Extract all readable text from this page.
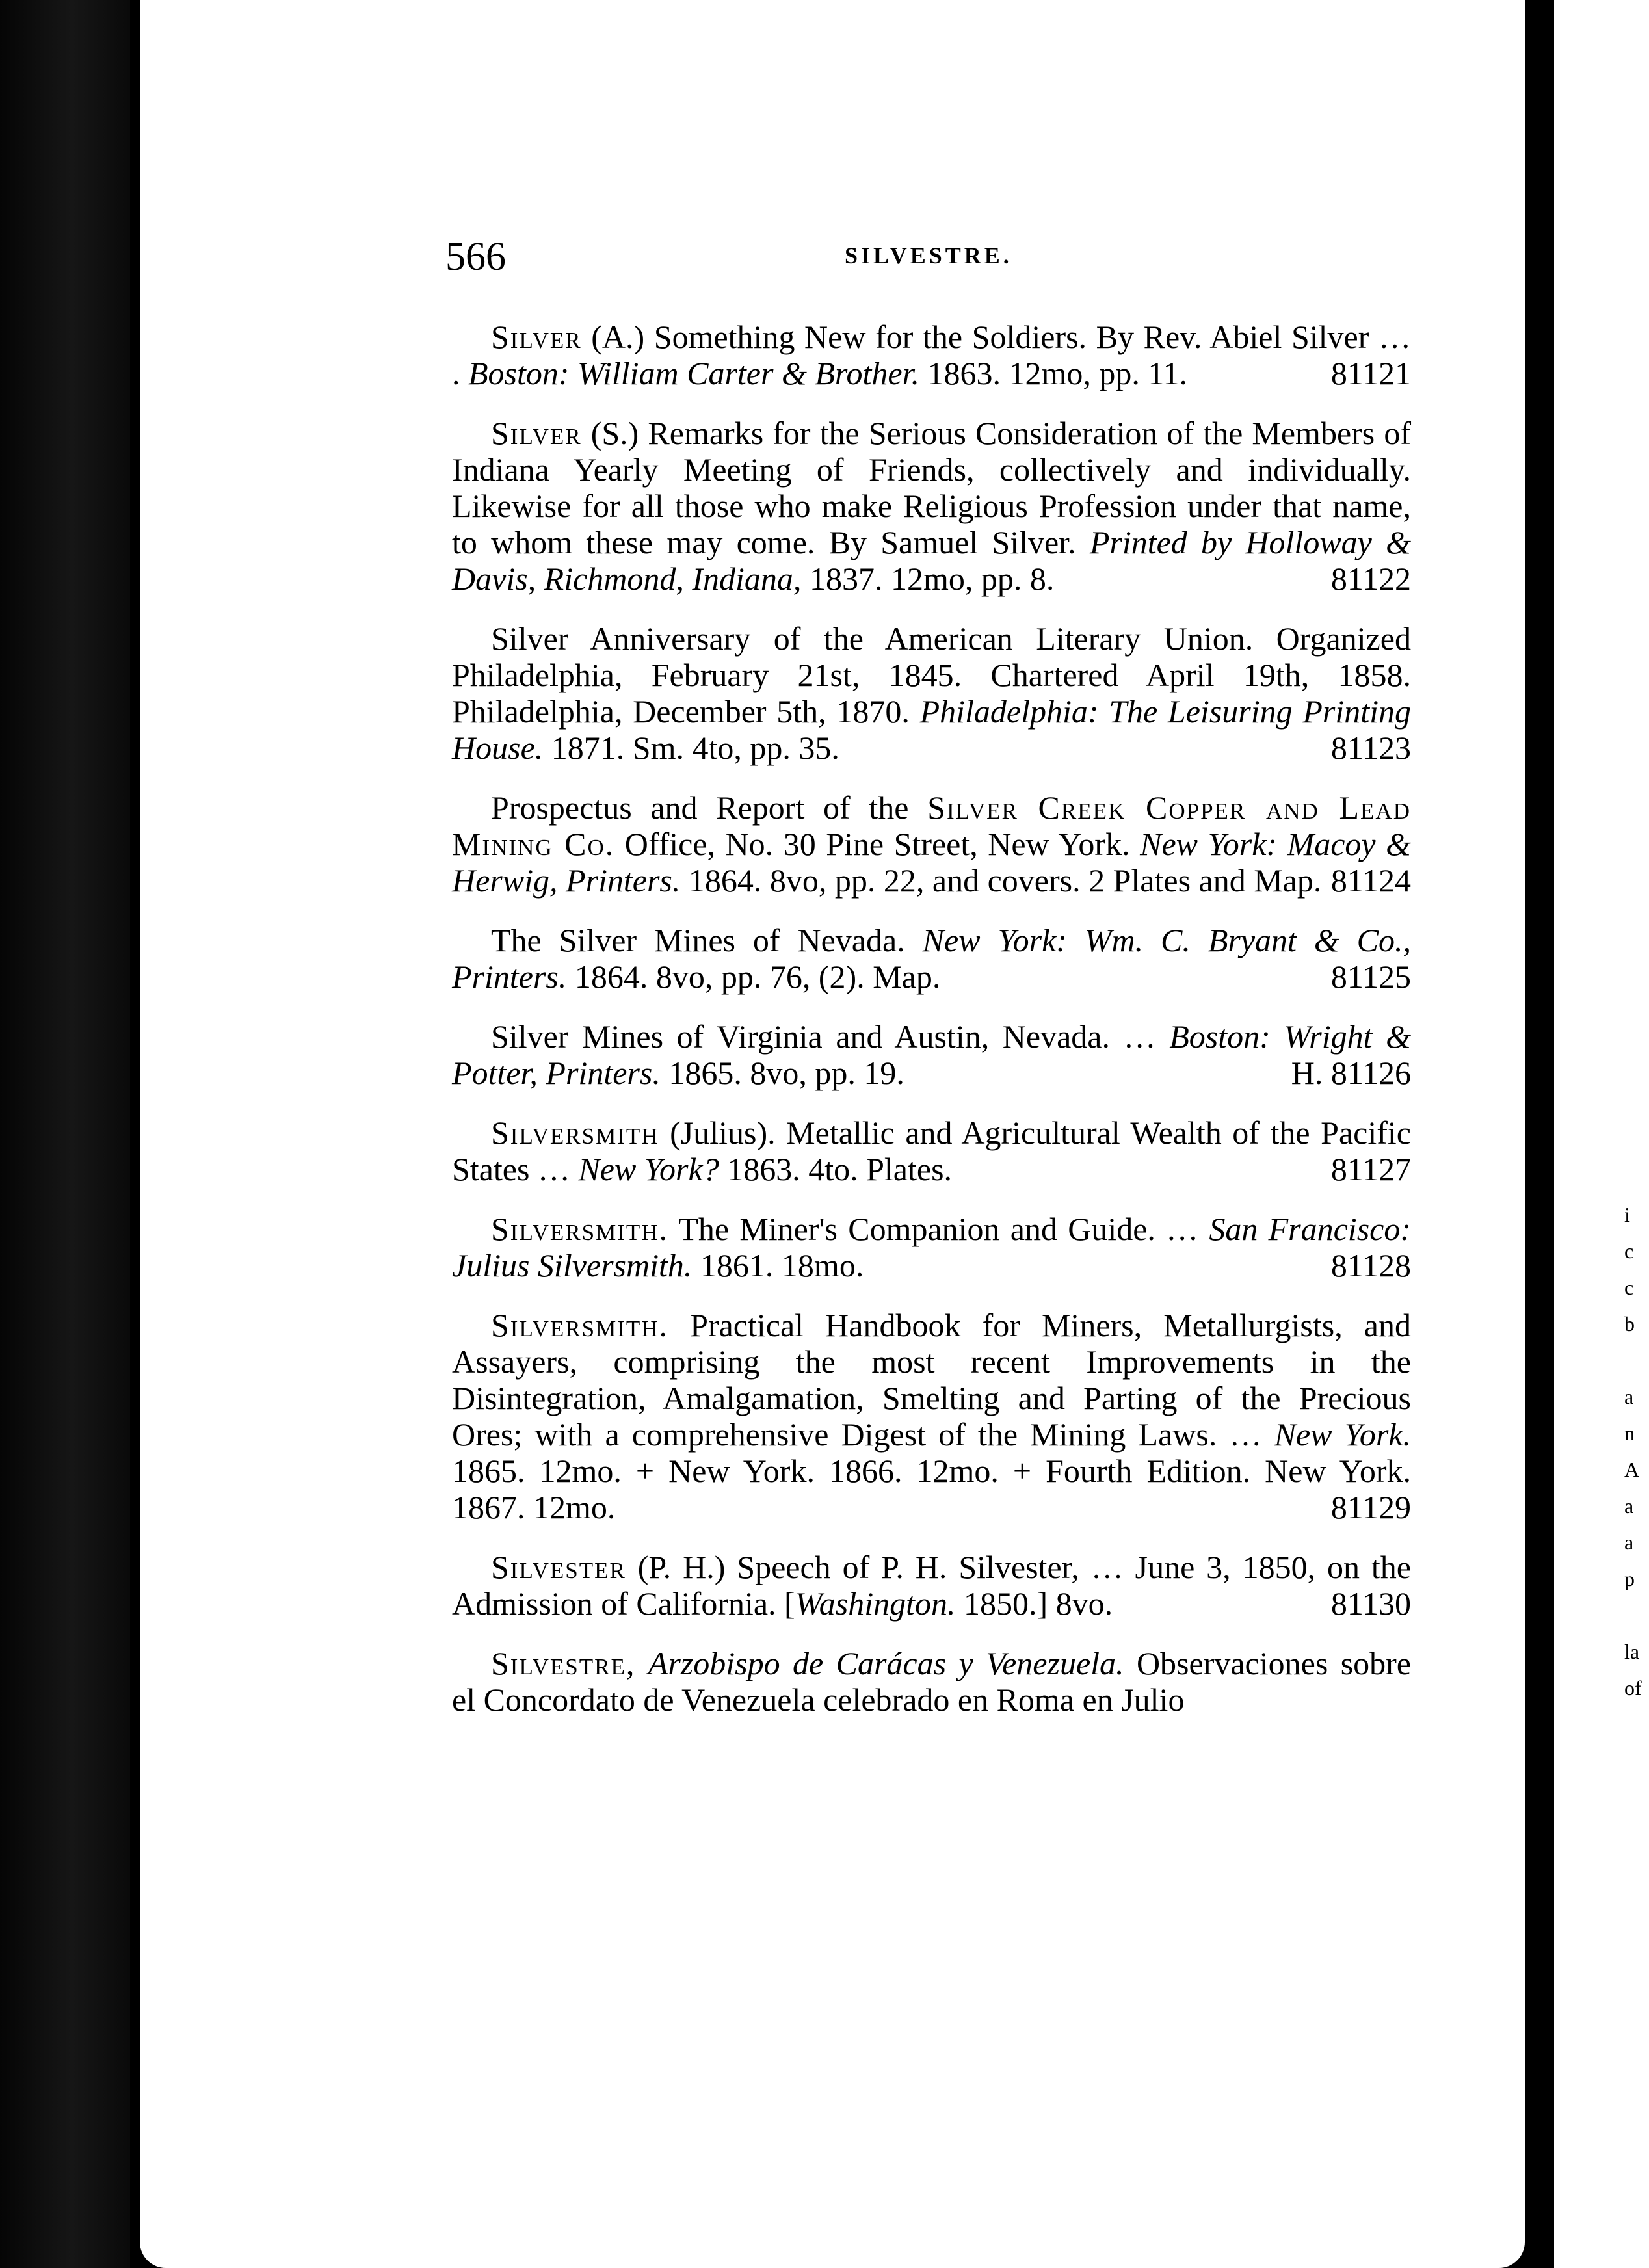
566	SILVESTRE.

Silver (A.) Something New for the Soldiers. By Rev. Abiel Silver … . Boston: William Carter & Brother. 1863. 12mo, pp. 11.	81121

Silver (S.) Remarks for the Serious Consideration of the Members of Indiana Yearly Meeting of Friends, collectively and individually. Likewise for all those who make Religious Profession under that name, to whom these may come. By Samuel Silver. Printed by Holloway & Davis, Richmond, Indiana, 1837. 12mo, pp. 8.	81122

Silver Anniversary of the American Literary Union. Organized Philadelphia, February 21st, 1845. Chartered April 19th, 1858. Philadelphia, December 5th, 1870. Philadelphia: The Leisuring Printing House. 1871. Sm. 4to, pp. 35.	81123

Prospectus and Report of the Silver Creek Copper and Lead Mining Co. Office, No. 30 Pine Street, New York. New York: Macoy & Herwig, Printers. 1864. 8vo, pp. 22, and covers. 2 Plates and Map. 81124

The Silver Mines of Nevada. New York: Wm. C. Bryant & Co., Printers. 1864. 8vo, pp. 76, (2). Map.	81125

Silver Mines of Virginia and Austin, Nevada. … Boston: Wright & Potter, Printers. 1865. 8vo, pp. 19.	H. 81126

Silversmith (Julius). Metallic and Agricultural Wealth of the Pacific States … New York? 1863. 4to. Plates.	81127

Silversmith. The Miner's Companion and Guide. … San Francisco: Julius Silversmith. 1861. 18mo.	81128

Silversmith. Practical Handbook for Miners, Metallurgists, and Assayers, comprising the most recent Improvements in the Disintegration, Amalgamation, Smelting and Parting of the Precious Ores; with a comprehensive Digest of the Mining Laws. … New York. 1865. 12mo. + New York. 1866. 12mo. + Fourth Edition. New York. 1867. 12mo.	81129

Silvester (P. H.) Speech of P. H. Silvester, … June 3, 1850, on the Admission of California. [Washington. 1850.] 8vo.	81130

Silvestre, Arzobispo de Carácas y Venezuela. Observaciones sobre el Concordato de Venezuela celebrado en Roma en Julio

i
c
c
b

a
n
A
a
a
p

la
of
